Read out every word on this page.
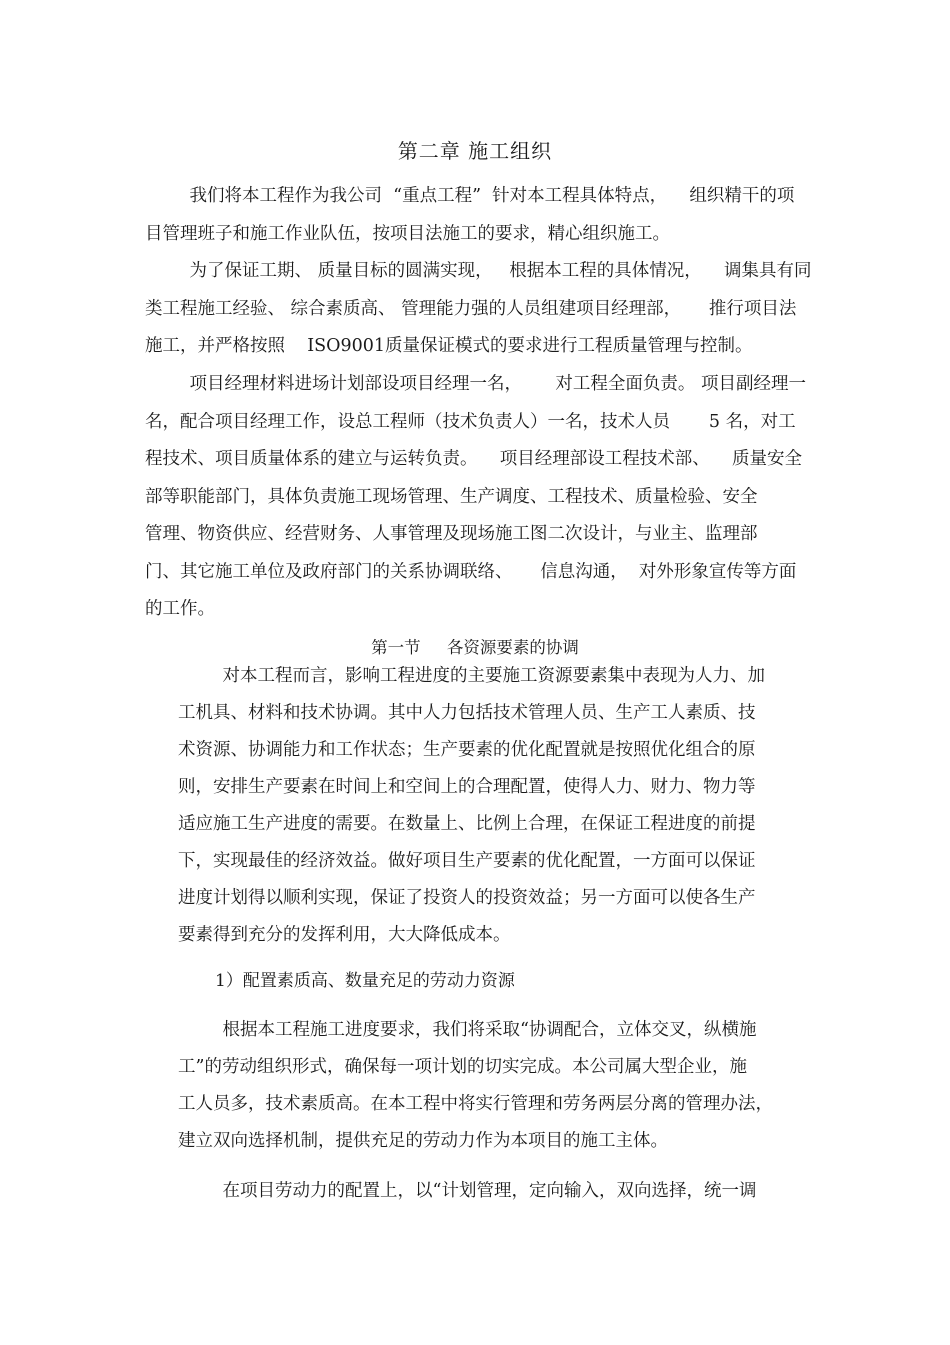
第二章 施工组织
我们将本工程作为我公司  “重点工程”  针对本工程具体特点，    组织精干的项
目管理班子和施工作业队伍，按项目法施工的要求，精心组织施工。
为了保证工期、 质量目标的圆满实现，   根据本工程的具体情况，    调集具有同
类工程施工经验、 综合素质高、 管理能力强的人员组建项目经理部，     推行项目法
施工，并严格按照    ISO9001质量保证模式的要求进行工程质量管理与控制。
项目经理材料进场计划部设项目经理一名，      对工程全面负责。 项目副经理一
名，配合项目经理工作，设总工程师（技术负责人）一名，技术人员       5 名，对工
程技术、项目质量体系的建立与运转负责。    项目经理部设工程技术部、    质量安全
部等职能部门，具体负责施工现场管理、生产调度、工程技术、质量检验、安全
管理、物资供应、经营财务、人事管理及现场施工图二次设计，与业主、监理部
门、其它施工单位及政府部门的关系协调联络、     信息沟通，  对外形象宣传等方面
的工作。
第一节     各资源要素的协调
对本工程而言，影响工程进度的主要施工资源要素集中表现为人力、加
工机具、材料和技术协调。其中人力包括技术管理人员、生产工人素质、技
术资源、协调能力和工作状态；生产要素的优化配置就是按照优化组合的原
则，安排生产要素在时间上和空间上的合理配置，使得人力、财力、物力等
适应施工生产进度的需要。在数量上、比例上合理，在保证工程进度的前提
下，实现最佳的经济效益。做好项目生产要素的优化配置，一方面可以保证
进度计划得以顺利实现，保证了投资人的投资效益；另一方面可以使各生产
要素得到充分的发挥利用，大大降低成本。

1）配置素质高、数量充足的劳动力资源

根据本工程施工进度要求，我们将采取“协调配合，立体交叉，纵横施
工”的劳动组织形式，确保每一项计划的切实完成。本公司属大型企业，施
工人员多，技术素质高。在本工程中将实行管理和劳务两层分离的管理办法，
建立双向选择机制，提供充足的劳动力作为本项目的施工主体。
在项目劳动力的配置上，以“计划管理，定向输入，双向选择，统一调
